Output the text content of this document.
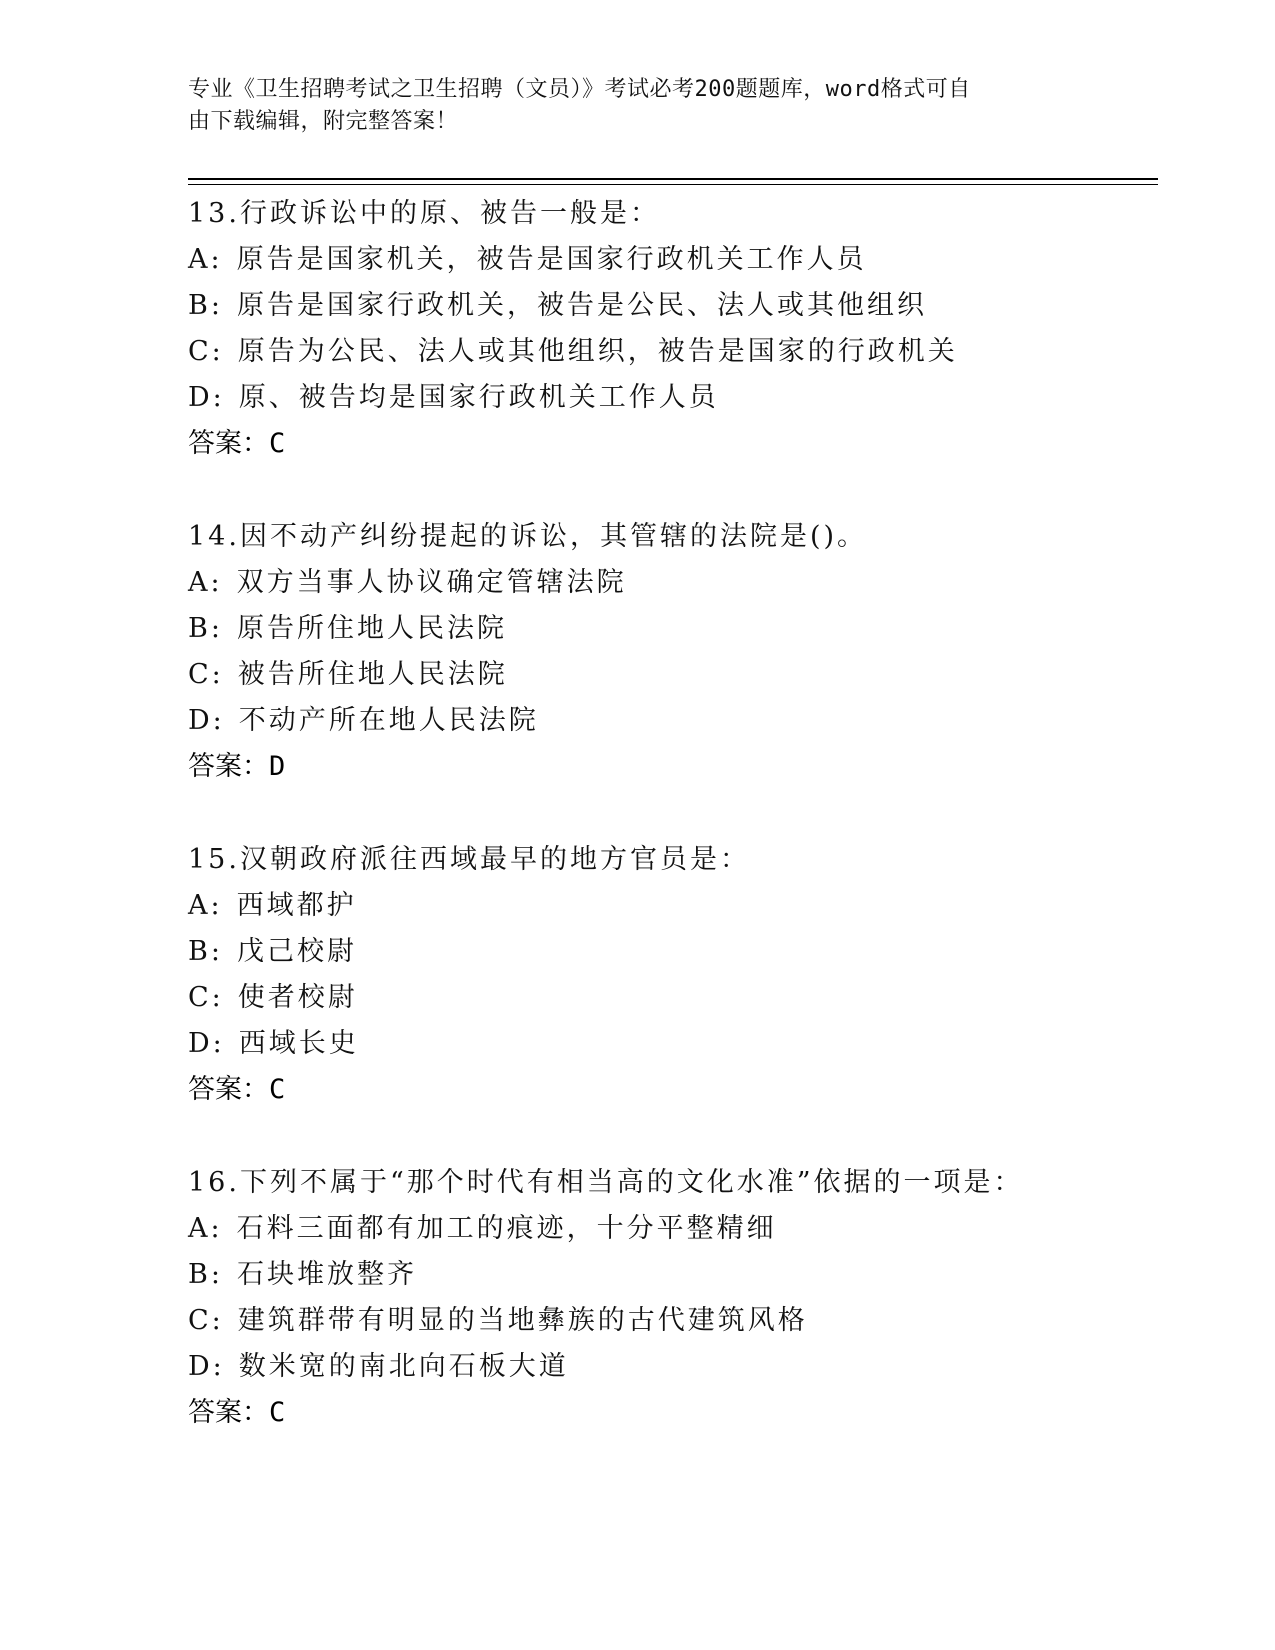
专业《卫生招聘考试之卫生招聘（文员）》考试必考200题题库，word格式可自
由下载编辑，附完整答案！
13.行政诉讼中的原、被告一般是：
A: 原告是国家机关，被告是国家行政机关工作人员
B: 原告是国家行政机关，被告是公民、法人或其他组织
C: 原告为公民、法人或其他组织，被告是国家的行政机关
D: 原、被告均是国家行政机关工作人员
答案：C
14.因不动产纠纷提起的诉讼，其管辖的法院是()。
A: 双方当事人协议确定管辖法院
B: 原告所住地人民法院
C: 被告所住地人民法院
D: 不动产所在地人民法院
答案：D
15.汉朝政府派往西域最早的地方官员是：
A: 西域都护
B: 戊己校尉
C: 使者校尉
D: 西域长史
答案：C
16.下列不属于“那个时代有相当高的文化水准”依据的一项是：
A: 石料三面都有加工的痕迹，十分平整精细
B: 石块堆放整齐
C: 建筑群带有明显的当地彝族的古代建筑风格
D: 数米宽的南北向石板大道
答案：C
